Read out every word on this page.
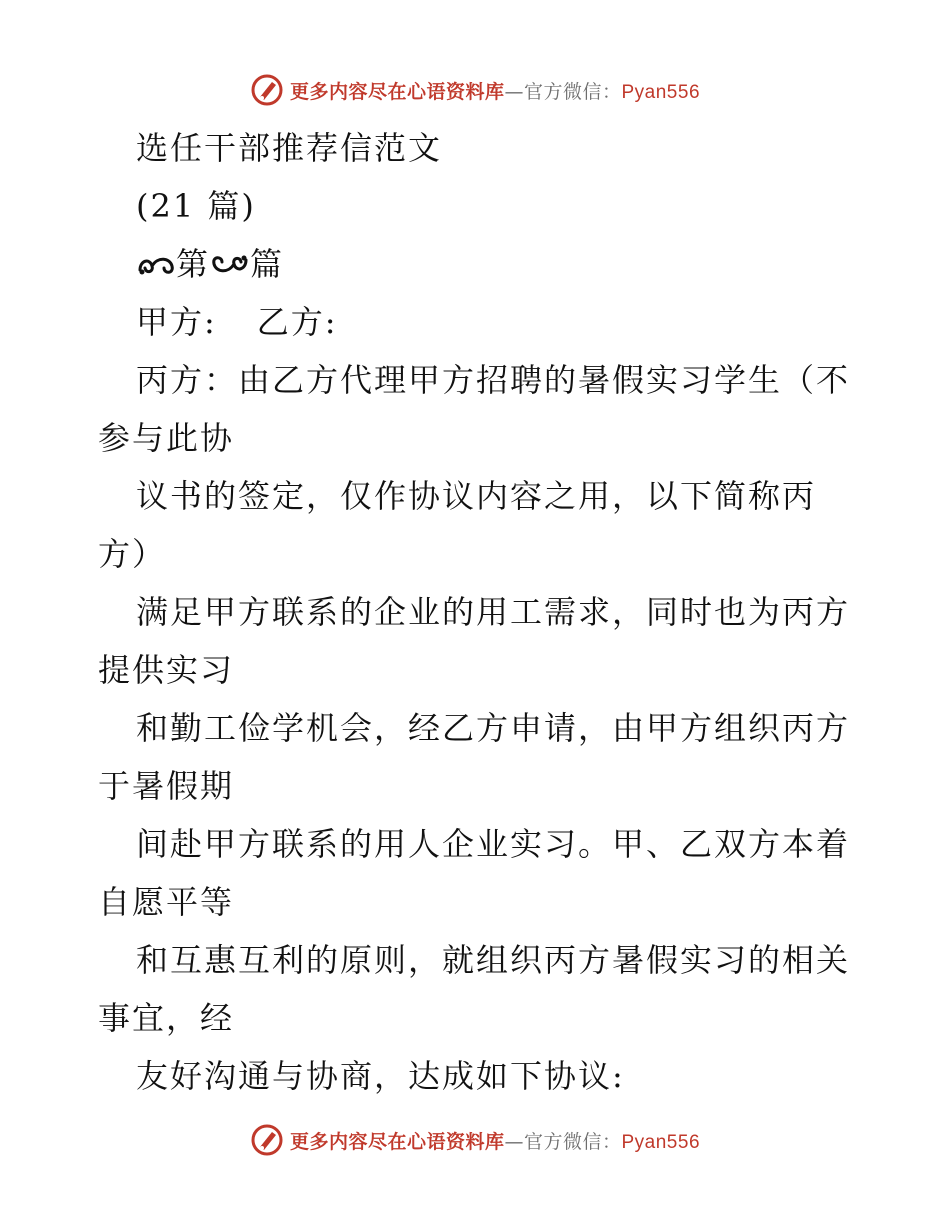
更多内容尽在心语资料库—官方微信：Pyan556
选任干部推荐信范文
(21 篇)
第 篇
甲方: 乙方:
丙方：由乙方代理甲方招聘的暑假实习学生（不
参与此协
议书的签定，仅作协议内容之用，以下简称丙
方）
满足甲方联系的企业的用工需求，同时也为丙方
提供实习
和勤工俭学机会，经乙方申请，由甲方组织丙方
于暑假期
间赴甲方联系的用人企业实习。甲、乙双方本着
自愿平等
和互惠互利的原则，就组织丙方暑假实习的相关
事宜，经
友好沟通与协商，达成如下协议:
更多内容尽在心语资料库—官方微信：Pyan556
